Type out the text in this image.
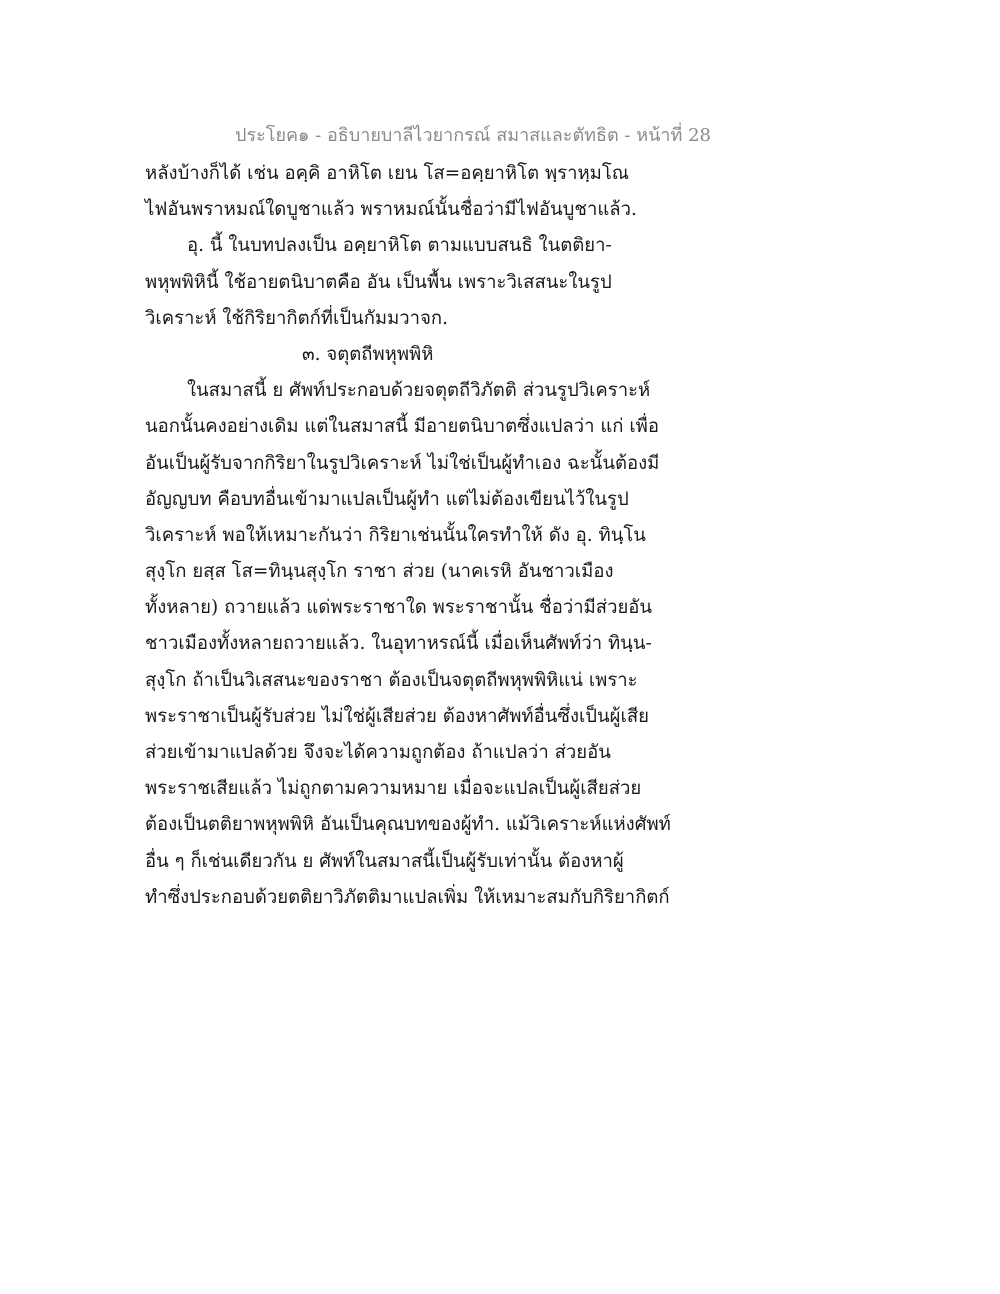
ประโยค๑ - อธิบายบาลีไวยากรณ์ สมาสและตัทธิต - หน้าที่ 28
หลังบ้างก็ได้ เช่น อคฺคิ อาหิโต เยน โส=อคฺยาหิโต พฺราหฺมโณ
ไฟอันพราหมณ์ใดบูชาแล้ว พราหมณ์นั้นชื่อว่ามีไฟอันบูชาแล้ว.
อุ. นี้ ในบทปลงเป็น อคฺยาหิโต ตามแบบสนธิ ในตติยา-
พหุพพิหินี้ ใช้อายตนิบาตคือ อัน เป็นพื้น เพราะวิเสสนะในรูป
วิเคราะห์ ใช้กิริยากิตก์ที่เป็นกัมมวาจก.
๓. จตุตถีพหุพพิหิ
ในสมาสนี้ ย ศัพท์ประกอบด้วยจตุตถีวิภัตติ ส่วนรูปวิเคราะห์
นอกนั้นคงอย่างเดิม แต่ในสมาสนี้ มีอายตนิบาตซึ่งแปลว่า แก่ เพื่อ
อันเป็นผู้รับจากกิริยาในรูปวิเคราะห์ ไม่ใช่เป็นผู้ทำเอง ฉะนั้นต้องมี
อัญญบท คือบทอื่นเข้ามาแปลเป็นผู้ทำ แต่ไม่ต้องเขียนไว้ในรูป
วิเคราะห์ พอให้เหมาะกันว่า กิริยาเช่นนั้นใครทำให้ ดัง อุ. ทินฺโน
สุงฺโก ยสฺส โส=ทินฺนสุงฺโก ราชา ส่วย (นาคเรหิ อันชาวเมือง
ทั้งหลาย) ถวายแล้ว แด่พระราชาใด พระราชานั้น ชื่อว่ามีส่วยอัน
ชาวเมืองทั้งหลายถวายแล้ว. ในอุทาหรณ์นี้ เมื่อเห็นศัพท์ว่า ทินฺน-
สุงฺโก ถ้าเป็นวิเสสนะของราชา ต้องเป็นจตุตถีพหุพพิหิแน่ เพราะ
พระราชาเป็นผู้รับส่วย ไม่ใช่ผู้เสียส่วย ต้องหาศัพท์อื่นซึ่งเป็นผู้เสีย
ส่วยเข้ามาแปลด้วย จึงจะได้ความถูกต้อง ถ้าแปลว่า ส่วยอัน
พระราชเสียแล้ว ไม่ถูกตามความหมาย เมื่อจะแปลเป็นผู้เสียส่วย
ต้องเป็นตติยาพหุพพิหิ อันเป็นคุณบทของผู้ทำ. แม้วิเคราะห์แห่งศัพท์
อื่น ๆ ก็เช่นเดียวกัน ย ศัพท์ในสมาสนี้เป็นผู้รับเท่านั้น ต้องหาผู้
ทำซึ่งประกอบด้วยตติยาวิภัตติมาแปลเพิ่ม ให้เหมาะสมกับกิริยากิตก์
